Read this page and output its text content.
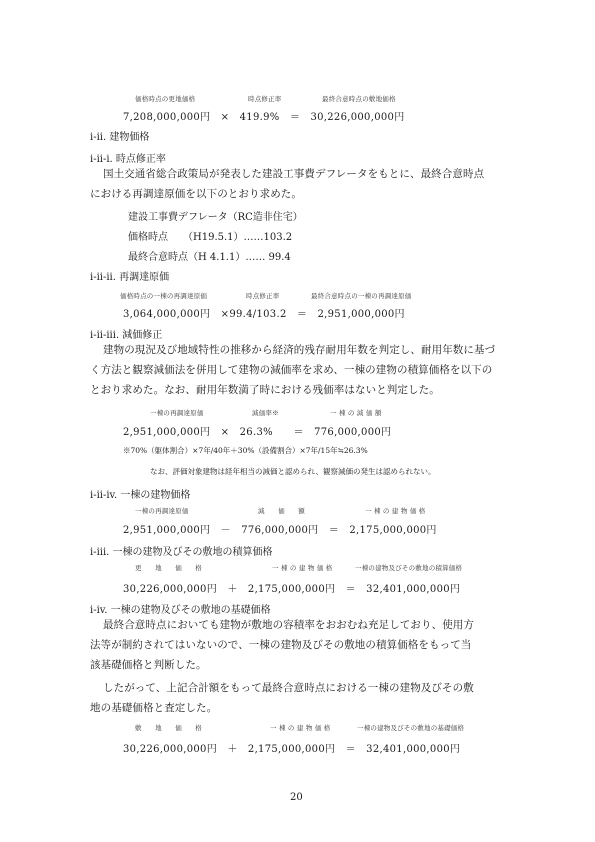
価格時点の更地価格	時点修正率	最終合意時点の敷地価格
7,208,000,000円　×　419.9%　＝　30,226,000,000円
i-ii. 建物価格
i-ii-i. 時点修正率
国土交通省総合政策局が発表した建設工事費デフレータをもとに、最終合意時点
における再調達原価を以下のとおり求めた。
建設工事費デフレータ（RC造非住宅）
価格時点　　（H19.5.1）……103.2
最終合意時点（H 4.1.1）…… 99.4
i-ii-ii. 再調達原価
価格時点の一棟の再調達原価	時点修正率	最終合意時点の一棟の再調達原価
3,064,000,000円　×99.4/103.2　＝　2,951,000,000円
i-ii-iii. 減価修正
建物の現況及び地域特性の推移から経済的残存耐用年数を判定し、耐用年数に基づ
く方法と観察減価法を併用して建物の減価率を求め、一棟の建物の積算価格を以下の
とおり求めた。なお、耐用年数満了時における残価率はないと判定した。
一棟の再調達原価	減価率※	一 棟 の 減 価 額
2,951,000,000円　×　26.3%　　＝　776,000,000円
※70%（躯体割合）×7年/40年＋30%（設備割合）×7年/15年≒26.3%
なお、評価対象建物は経年相当の減価と認められ、観察減価の発生は認められない。
i-ii-iv. 一棟の建物価格
一棟の再調達原価	減　　価　　額	一 棟 の 建 物 価 格
2,951,000,000円　－　776,000,000円　＝　2,175,000,000円
i-iii. 一棟の建物及びその敷地の積算価格
更　　地　　価　　格	一 棟 の 建 物 価 格	一棟の建物及びその敷地の積算価格
30,226,000,000円　＋　2,175,000,000円　＝　32,401,000,000円
i-iv. 一棟の建物及びその敷地の基礎価格
最終合意時点においても建物が敷地の容積率をおおむね充足しており、使用方
法等が制約されてはいないので、一棟の建物及びその敷地の積算価格をもって当
該基礎価格と判断した。
したがって、上記合計額をもって最終合意時点における一棟の建物及びその敷
地の基礎価格と査定した。
敷　　地　　価　　格	一 棟 の 建 物 価 格	一棟の建物及びその敷地の基礎価格
30,226,000,000円　＋　2,175,000,000円　＝　32,401,000,000円
20
